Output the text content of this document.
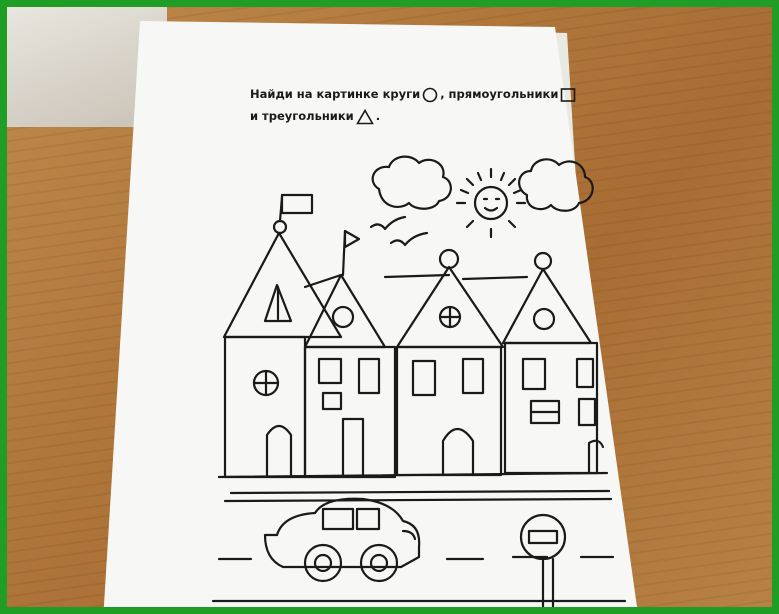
Найди на картинке круги , прямоугольники
и треугольники .
